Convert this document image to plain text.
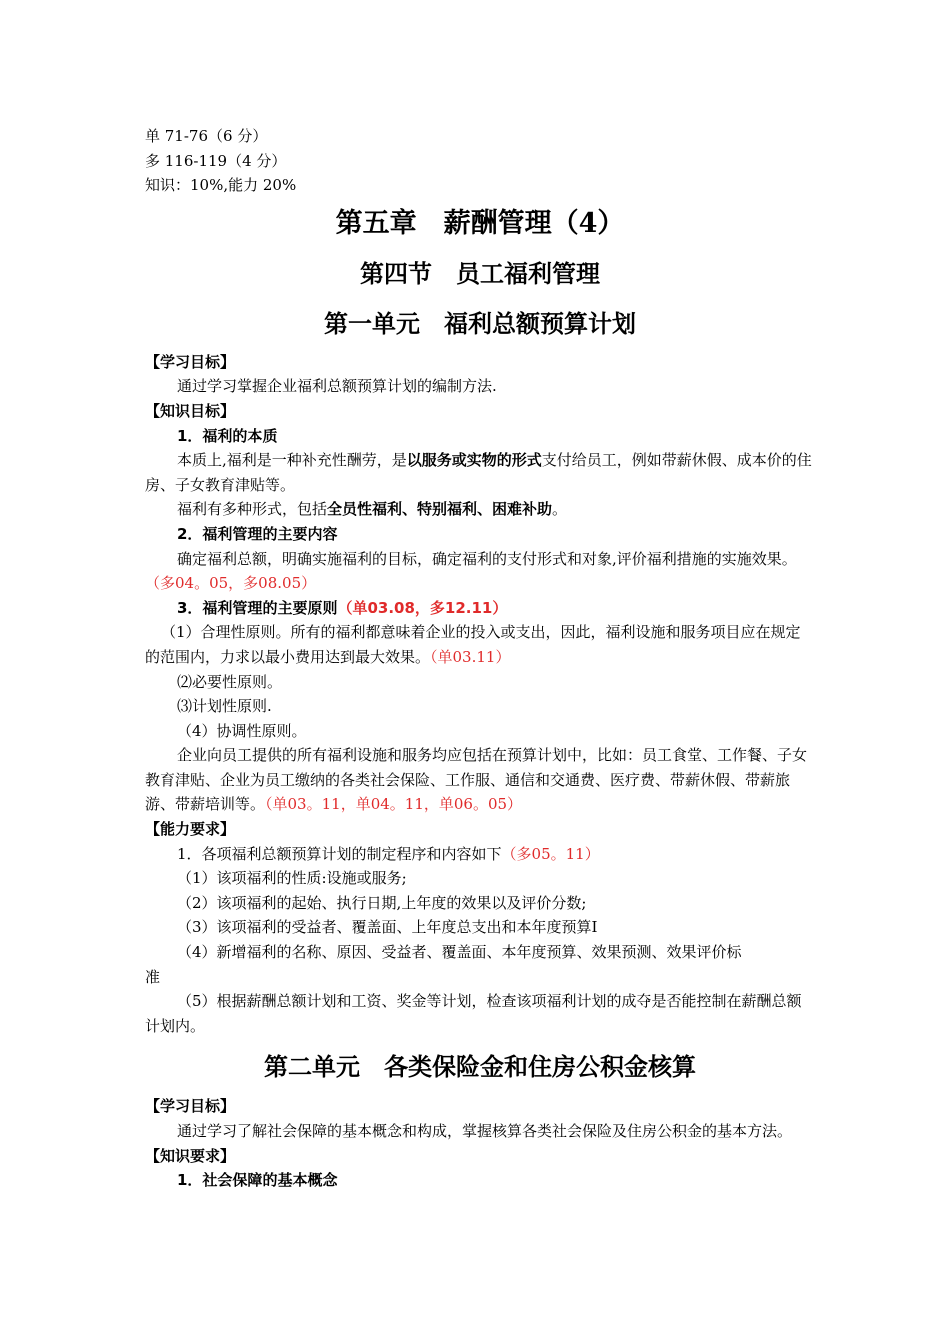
单 71-76（6 分）

多 116-119（4 分）

知识：10%,能力 20%

第五章　薪酬管理（4）
第四节　员工福利管理
第一单元　福利总额预算计划

【学习目标】

通过学习掌握企业福利总额预算计划的编制方法.

【知识目标】

1．福利的本质

本质上,福利是一种补充性酬劳，是以服务或实物的形式支付给员工，例如带薪休假、成本价的住房、子女教育津贴等。

福利有多种形式，包括全员性福利、特别福利、困难补助。

2．福利管理的主要内容

确定福利总额，明确实施福利的目标，确定福利的支付形式和对象,评价福利措施的实施效果。（多04。05，多08.05）

3．福利管理的主要原则（单03.08，多12.11）

（1）合理性原则。所有的福利都意味着企业的投入或支出，因此，福利设施和服务项目应在规定的范围内，力求以最小费用达到最大效果。（单03.11）

⑵必要性原则。

⑶计划性原则.

（4）协调性原则。

企业向员工提供的所有福利设施和服务均应包括在预算计划中，比如：员工食堂、工作餐、子女教育津贴、企业为员工缴纳的各类社会保险、工作服、通信和交通费、医疗费、带薪休假、带薪旅游、带薪培训等。（单03。11，单04。11，单06。05）

【能力要求】

1．各项福利总额预算计划的制定程序和内容如下（多05。11）

（1）该项福利的性质:设施或服务;

（2）该项福利的起始、执行日期,上年度的效果以及评价分数;

（3）该项福利的受益者、覆盖面、上年度总支出和本年度预算I

（4）新增福利的名称、原因、受益者、覆盖面、本年度预算、效果预测、效果评价标

准

（5）根据薪酬总额计划和工资、奖金等计划，检查该项福利计划的成夺是否能控制在薪酬总额计划内。

第二单元　各类保险金和住房公积金核算

【学习目标】

通过学习了解社会保障的基本概念和构成，掌握核算各类社会保险及住房公积金的基本方法。

【知识要求】

1．社会保障的基本概念
